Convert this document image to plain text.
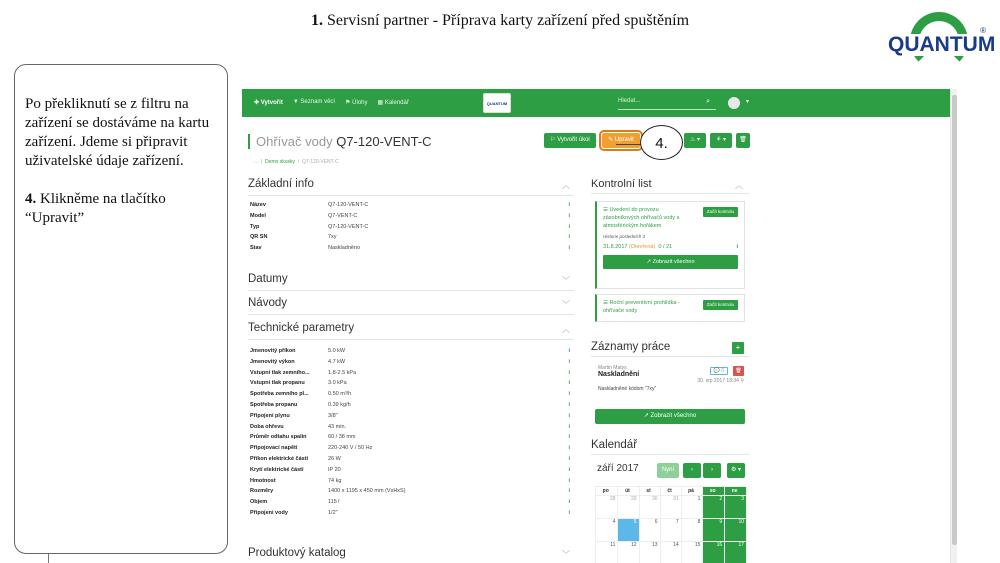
1. Servisní partner - Příprava karty zařízení před spuštěním
QUANTUM
®

Po překliknutí se z filtru na zařízení se dostáváme na kartu zařízení. Jdeme si připravit uživatelské údaje zařízení.

4. Klikněme na tlačítko “Upravit”

✚ Vytvořit ▼ Seznam věcí ⚑ Úlohy ▦ Kalendář	QUANTUM	Hledat...	⌕	▾
Ohřívač vody Q7-120-VENT-C
... | Demo skusky / Q7-120-VENT-C
⚐ Vytvořit úkol	✎ Upravit	♨ ▾	⚘ ▾	🗑
Základní info	︿
Název	Q7-120-VENT-C	i
Model	Q7-VENT-C	i
Typ	Q7-120-VENT-C	i
QR SN	7xy	i
Stav	Naskladněno	i
Datumy	﹀
Návody	﹀
Technické parametry	︿
Jmenovitý příkon	5.0 kW	i
Jmenovitý výkon	4.7 kW	i
Vstupní tlak zemního...	1.8-2.5 kPa	i
Vstupní tlak propanu	3.0 kPa	i
Spotřeba zemního pl...	0.50 m³/h	i
Spotřeba propanu	0.39 kg/h	i
Připojení plynu	3/8"	i
Doba ohřevu	43 min.	i
Průměr odtahu spalin	60 / 38 mm	i
Připojovací napětí	220-240 V / 50 Hz	i
Příkon elektrické části	26 W	i
Krytí elektrické části	IP 20	i
Hmotnost	74 kg	i
Rozměry	1400 x 1195 x 450 mm (VxHxS)	i
Objem	115 l	i
Připojení vody	1/2"	i
Produktový katalog	﹀
Kontrolní list	︿
☰ Uvedení do provozu zásobníkových ohřívačů vody s atmosférickým hořákem
Začít kontrolu
Historie posledních 3
31.8.2017 (Otevřená) 0 / 21	i
↗ Zobrazit všechno
☰ Roční preventivní prohlídka - ohřívače vody
Začít kontrolu
Záznamy práce	+
Martin Matys
Naskladnění	💬 0	🗑
30. srp 2017 18:34 ⚲
Naskladněné kódom "7xy"
↗ Zobrazit všechno
Kalendář
září 2017	Nyní	‹	›	⚙ ▾
po	út	st	čt	pá	so	ne
28	29	30	31	1	2	3
4	5	6	7	8	9	10
11	12	13	14	15	16	17
4.
